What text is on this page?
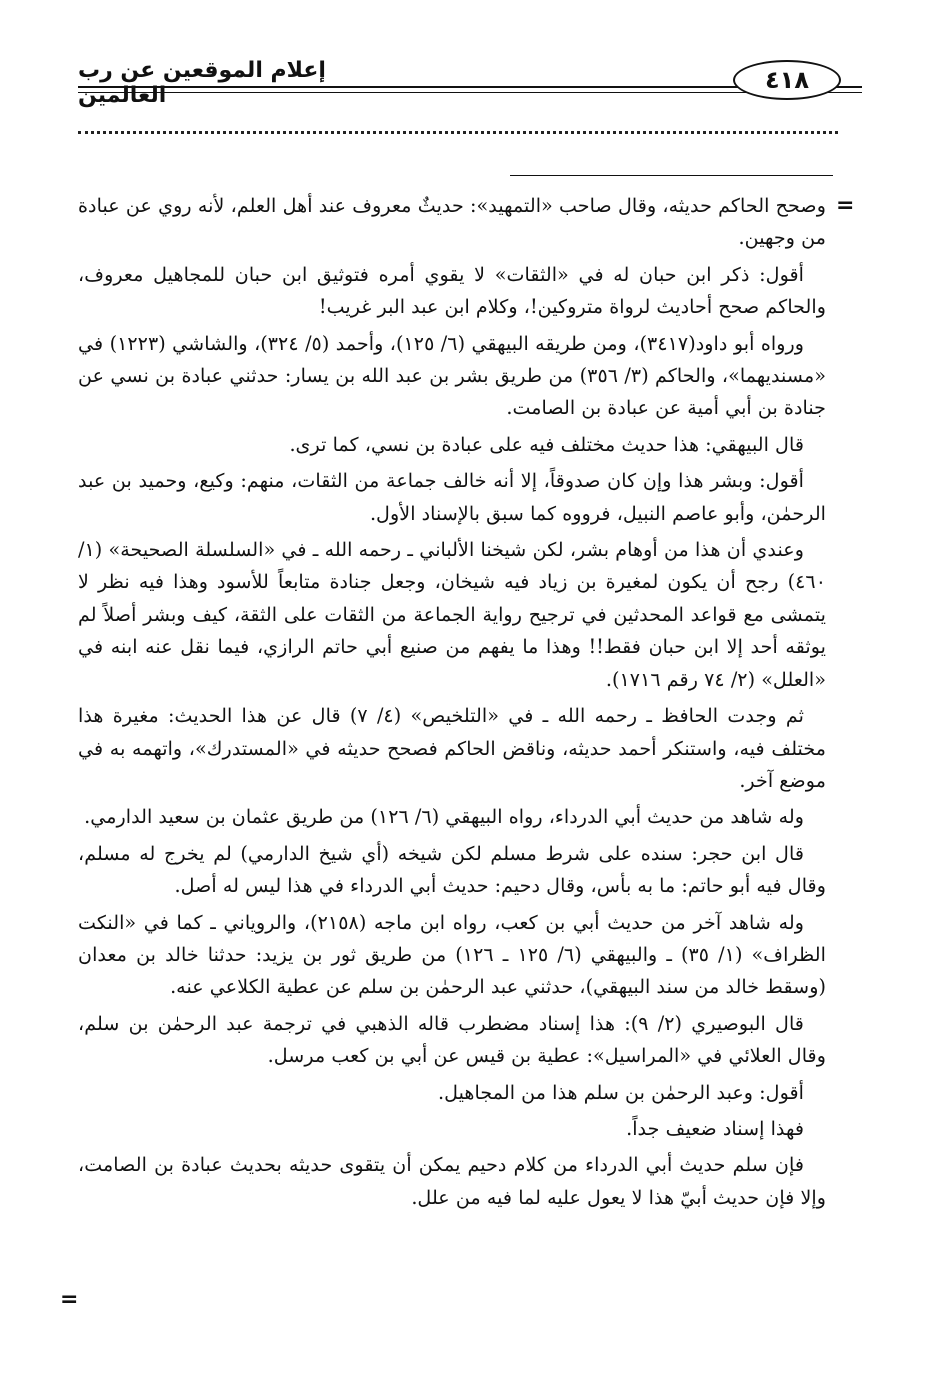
إعلام الموقعين عن رب العالمين
٤١٨
=
=

وصحح الحاكم حديثه، وقال صاحب «التمهيد»: حديثٌ معروف عند أهل العلم، لأنه روي عن عبادة من وجهين.

أقول: ذكر ابن حبان له في «الثقات» لا يقوي أمره فتوثيق ابن حبان للمجاهيل معروف، والحاكم صحح أحاديث لرواة متروكين!، وكلام ابن عبد البر غريب!

ورواه أبو داود(٣٤١٧)، ومن طريقه البيهقي (٦/ ١٢٥)، وأحمد (٥/ ٣٢٤)، والشاشي (١٢٢٣) في «مسنديهما»، والحاكم (٣/ ٣٥٦) من طريق بشر بن عبد الله بن يسار: حدثني عبادة بن نسي عن جنادة بن أبي أمية عن عبادة بن الصامت.

قال البيهقي: هذا حديث مختلف فيه على عبادة بن نسي، كما ترى.

أقول: وبشر هذا وإن كان صدوقاً، إلا أنه خالف جماعة من الثقات، منهم: وكيع، وحميد بن عبد الرحمٰن، وأبو عاصم النبيل، فرووه كما سبق بالإسناد الأول.

وعندي أن هذا من أوهام بشر، لكن شيخنا الألباني ـ رحمه الله ـ في «السلسلة الصحيحة» (١/ ٤٦٠) رجح أن يكون لمغيرة بن زياد فيه شيخان، وجعل جنادة متابعاً للأسود وهذا فيه نظر لا يتمشى مع قواعد المحدثين في ترجيح رواية الجماعة من الثقات على الثقة، كيف وبشر أصلاً لم يوثقه أحد إلا ابن حبان فقط!! وهذا ما يفهم من صنيع أبي حاتم الرازي، فيما نقل عنه ابنه في «العلل» (٢/ ٧٤ رقم ١٧١٦).

ثم وجدت الحافظ ـ رحمه الله ـ في «التلخيص» (٤/ ٧) قال عن هذا الحديث: مغيرة هذا مختلف فيه، واستنكر أحمد حديثه، وناقض الحاكم فصحح حديثه في «المستدرك»، واتهمه به في موضع آخر.

وله شاهد من حديث أبي الدرداء، رواه البيهقي (٦/ ١٢٦) من طريق عثمان بن سعيد الدارمي.

قال ابن حجر: سنده على شرط مسلم لكن شيخه (أي شيخ الدارمي) لم يخرج له مسلم، وقال فيه أبو حاتم: ما به بأس، وقال دحيم: حديث أبي الدرداء في هذا ليس له أصل.

وله شاهد آخر من حديث أبي بن كعب، رواه ابن ماجه (٢١٥٨)، والروياني ـ كما في «النكت الظراف» (١/ ٣٥) ـ والبيهقي (٦/ ١٢٥ ـ ١٢٦) من طريق ثور بن يزيد: حدثنا خالد بن معدان (وسقط خالد من سند البيهقي)، حدثني عبد الرحمٰن بن سلم عن عطية الكلاعي عنه.

قال البوصيري (٢/ ٩): هذا إسناد مضطرب قاله الذهبي في ترجمة عبد الرحمٰن بن سلم، وقال العلائي في «المراسيل»: عطية بن قيس عن أبي بن كعب مرسل.

أقول: وعبد الرحمٰن بن سلم هذا من المجاهيل.

فهذا إسناد ضعيف جداً.

فإن سلم حديث أبي الدرداء من كلام دحيم يمكن أن يتقوى حديثه بحديث عبادة بن الصامت، وإلا فإن حديث أبيّ هذا لا يعول عليه لما فيه من علل.
